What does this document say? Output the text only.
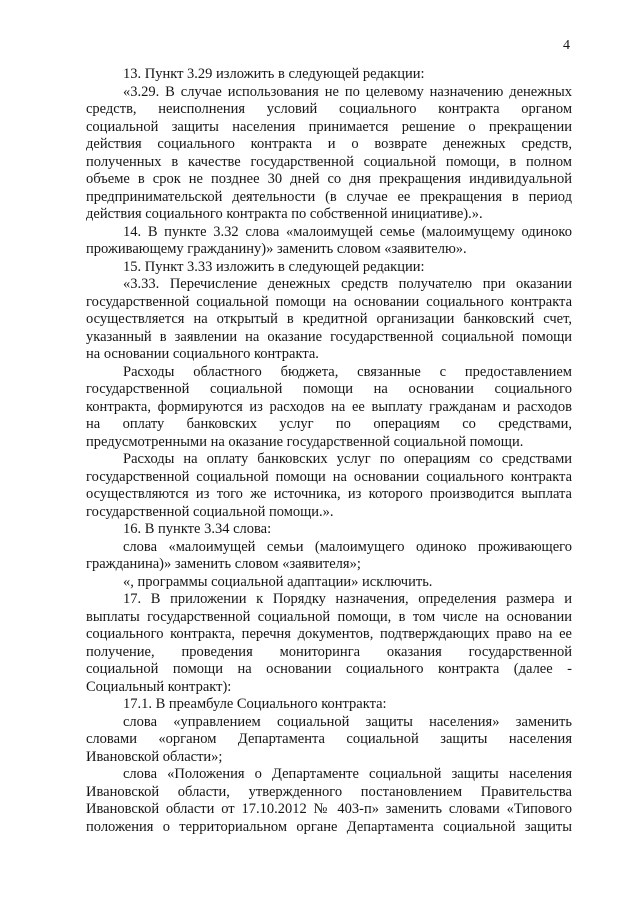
4
13. Пункт 3.29 изложить в следующей редакции:
«3.29. В случае использования не по целевому назначению денежных
средств, неисполнения условий социального контракта органом
социальной защиты населения принимается решение о прекращении
действия социального контракта и о возврате денежных средств,
полученных в качестве государственной социальной помощи, в полном
объеме в срок не позднее 30 дней со дня прекращения индивидуальной
предпринимательской деятельности (в случае ее прекращения в период
действия социального контракта по собственной инициативе).».
14. В пункте 3.32 слова «малоимущей семье (малоимущему одиноко
проживающему гражданину)» заменить словом «заявителю».
15. Пункт 3.33 изложить в следующей редакции:
«3.33. Перечисление денежных средств получателю при оказании
государственной социальной помощи на основании социального контракта
осуществляется на открытый в кредитной организации банковский счет,
указанный в заявлении на оказание государственной социальной помощи
на основании социального контракта.
Расходы областного бюджета, связанные с предоставлением
государственной социальной помощи на основании социального
контракта, формируются из расходов на ее выплату гражданам и расходов
на оплату банковских услуг по операциям со средствами,
предусмотренными на оказание государственной социальной помощи.
Расходы на оплату банковских услуг по операциям со средствами
государственной социальной помощи на основании социального контракта
осуществляются из того же источника, из которого производится выплата
государственной социальной помощи.».
16. В пункте 3.34 слова:
слова «малоимущей семьи (малоимущего одиноко проживающего
гражданина)» заменить словом «заявителя»;
«, программы социальной адаптации» исключить.
17. В приложении к Порядку назначения, определения размера и
выплаты государственной социальной помощи, в том числе на основании
социального контракта, перечня документов, подтверждающих право на ее
получение, проведения мониторинга оказания государственной
социальной помощи на основании социального контракта (далее -
Социальный контракт):
17.1. В преамбуле Социального контракта:
слова «управлением социальной защиты населения» заменить
словами «органом Департамента социальной защиты населения
Ивановской области»;
слова «Положения о Департаменте социальной защиты населения
Ивановской области, утвержденного постановлением Правительства
Ивановской области от 17.10.2012 № 403-п» заменить словами «Типового
положения о территориальном органе Департамента социальной защиты
